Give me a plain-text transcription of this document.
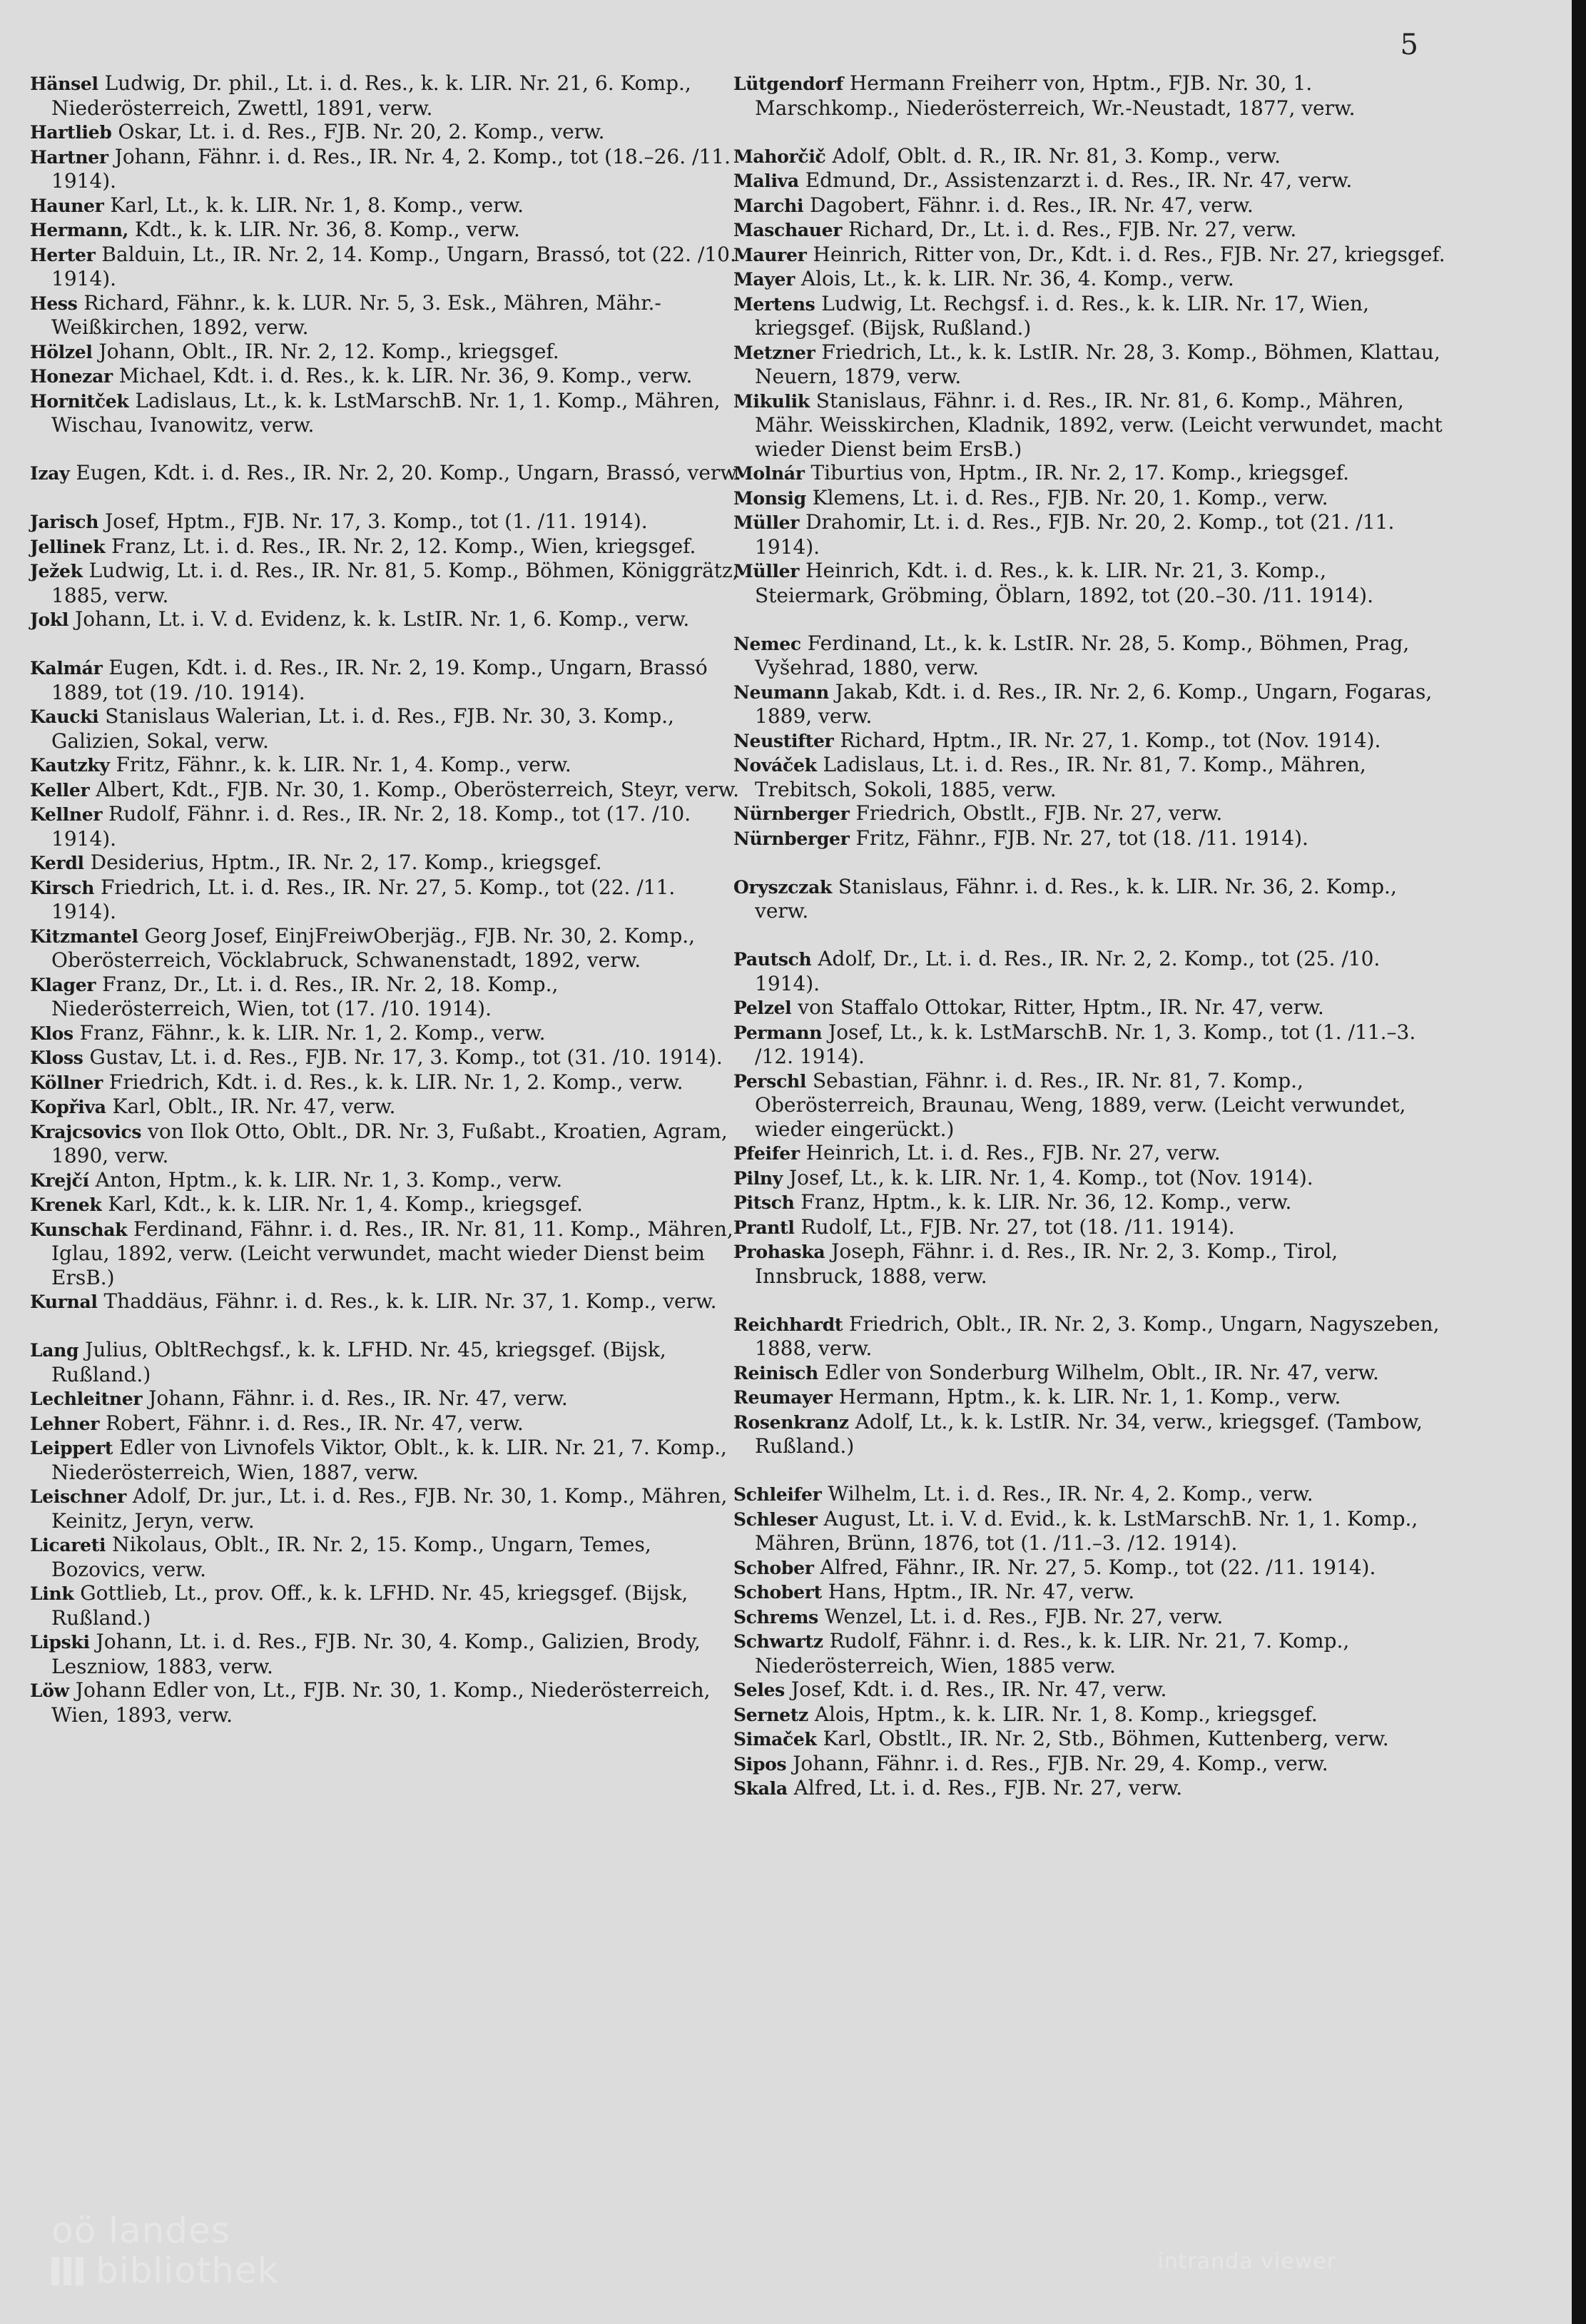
5

Hänsel Ludwig, Dr. phil., Lt. i. d. Res., k. k. LIR. Nr. 21, 6. Komp., Niederösterreich, Zwettl, 1891, verw.

Hartlieb Oskar, Lt. i. d. Res., FJB. Nr. 20, 2. Komp., verw.

Hartner Johann, Fähnr. i. d. Res., IR. Nr. 4, 2. Komp., tot (18.–26. /11. 1914).

Hauner Karl, Lt., k. k. LIR. Nr. 1, 8. Komp., verw.

Hermann, Kdt., k. k. LIR. Nr. 36, 8. Komp., verw.

Herter Balduin, Lt., IR. Nr. 2, 14. Komp., Ungarn, Brassó, tot (22. /10. 1914).

Hess Richard, Fähnr., k. k. LUR. Nr. 5, 3. Esk., Mähren, Mähr.-Weißkirchen, 1892, verw.

Hölzel Johann, Oblt., IR. Nr. 2, 12. Komp., kriegsgef.

Honezar Michael, Kdt. i. d. Res., k. k. LIR. Nr. 36, 9. Komp., verw.

Hornitček Ladislaus, Lt., k. k. LstMarschB. Nr. 1, 1. Komp., Mähren, Wischau, Ivanowitz, verw.

Izay Eugen, Kdt. i. d. Res., IR. Nr. 2, 20. Komp., Ungarn, Brassó, verw.

Jarisch Josef, Hptm., FJB. Nr. 17, 3. Komp., tot (1. /11. 1914).

Jellinek Franz, Lt. i. d. Res., IR. Nr. 2, 12. Komp., Wien, kriegsgef.

Ježek Ludwig, Lt. i. d. Res., IR. Nr. 81, 5. Komp., Böhmen, Königgrätz, 1885, verw.

Jokl Johann, Lt. i. V. d. Evidenz, k. k. LstIR. Nr. 1, 6. Komp., verw.

Kalmár Eugen, Kdt. i. d. Res., IR. Nr. 2, 19. Komp., Ungarn, Brassó 1889, tot (19. /10. 1914).

Kaucki Stanislaus Walerian, Lt. i. d. Res., FJB. Nr. 30, 3. Komp., Galizien, Sokal, verw.

Kautzky Fritz, Fähnr., k. k. LIR. Nr. 1, 4. Komp., verw.

Keller Albert, Kdt., FJB. Nr. 30, 1. Komp., Oberösterreich, Steyr, verw.

Kellner Rudolf, Fähnr. i. d. Res., IR. Nr. 2, 18. Komp., tot (17. /10. 1914).

Kerdl Desiderius, Hptm., IR. Nr. 2, 17. Komp., kriegsgef.

Kirsch Friedrich, Lt. i. d. Res., IR. Nr. 27, 5. Komp., tot (22. /11. 1914).

Kitzmantel Georg Josef, EinjFreiwOberjäg., FJB. Nr. 30, 2. Komp., Oberösterreich, Vöcklabruck, Schwanenstadt, 1892, verw.

Klager Franz, Dr., Lt. i. d. Res., IR. Nr. 2, 18. Komp., Niederösterreich, Wien, tot (17. /10. 1914).

Klos Franz, Fähnr., k. k. LIR. Nr. 1, 2. Komp., verw.

Kloss Gustav, Lt. i. d. Res., FJB. Nr. 17, 3. Komp., tot (31. /10. 1914).

Köllner Friedrich, Kdt. i. d. Res., k. k. LIR. Nr. 1, 2. Komp., verw.

Kopřiva Karl, Oblt., IR. Nr. 47, verw.

Krajcsovics von Ilok Otto, Oblt., DR. Nr. 3, Fußabt., Kroatien, Agram, 1890, verw.

Krejčí Anton, Hptm., k. k. LIR. Nr. 1, 3. Komp., verw.

Krenek Karl, Kdt., k. k. LIR. Nr. 1, 4. Komp., kriegsgef.

Kunschak Ferdinand, Fähnr. i. d. Res., IR. Nr. 81, 11. Komp., Mähren, Iglau, 1892, verw. (Leicht verwundet, macht wieder Dienst beim ErsB.)

Kurnal Thaddäus, Fähnr. i. d. Res., k. k. LIR. Nr. 37, 1. Komp., verw.

Lang Julius, ObltRechgsf., k. k. LFHD. Nr. 45, kriegsgef. (Bijsk, Rußland.)

Lechleitner Johann, Fähnr. i. d. Res., IR. Nr. 47, verw.

Lehner Robert, Fähnr. i. d. Res., IR. Nr. 47, verw.

Leippert Edler von Livnofels Viktor, Oblt., k. k. LIR. Nr. 21, 7. Komp., Niederösterreich, Wien, 1887, verw.

Leischner Adolf, Dr. jur., Lt. i. d. Res., FJB. Nr. 30, 1. Komp., Mähren, Keinitz, Jeryn, verw.

Licareti Nikolaus, Oblt., IR. Nr. 2, 15. Komp., Ungarn, Temes, Bozovics, verw.

Link Gottlieb, Lt., prov. Off., k. k. LFHD. Nr. 45, kriegsgef. (Bijsk, Rußland.)

Lipski Johann, Lt. i. d. Res., FJB. Nr. 30, 4. Komp., Galizien, Brody, Leszniow, 1883, verw.

Löw Johann Edler von, Lt., FJB. Nr. 30, 1. Komp., Niederösterreich, Wien, 1893, verw.

Lütgendorf Hermann Freiherr von, Hptm., FJB. Nr. 30, 1. Marschkomp., Niederösterreich, Wr.-Neustadt, 1877, verw.

Mahorčič Adolf, Oblt. d. R., IR. Nr. 81, 3. Komp., verw.

Maliva Edmund, Dr., Assistenzarzt i. d. Res., IR. Nr. 47, verw.

Marchi Dagobert, Fähnr. i. d. Res., IR. Nr. 47, verw.

Maschauer Richard, Dr., Lt. i. d. Res., FJB. Nr. 27, verw.

Maurer Heinrich, Ritter von, Dr., Kdt. i. d. Res., FJB. Nr. 27, kriegsgef.

Mayer Alois, Lt., k. k. LIR. Nr. 36, 4. Komp., verw.

Mertens Ludwig, Lt. Rechgsf. i. d. Res., k. k. LIR. Nr. 17, Wien, kriegsgef. (Bijsk, Rußland.)

Metzner Friedrich, Lt., k. k. LstIR. Nr. 28, 3. Komp., Böhmen, Klattau, Neuern, 1879, verw.

Mikulik Stanislaus, Fähnr. i. d. Res., IR. Nr. 81, 6. Komp., Mähren, Mähr. Weisskirchen, Kladnik, 1892, verw. (Leicht verwundet, macht wieder Dienst beim ErsB.)

Molnár Tiburtius von, Hptm., IR. Nr. 2, 17. Komp., kriegsgef.

Monsig Klemens, Lt. i. d. Res., FJB. Nr. 20, 1. Komp., verw.

Müller Drahomir, Lt. i. d. Res., FJB. Nr. 20, 2. Komp., tot (21. /11. 1914).

Müller Heinrich, Kdt. i. d. Res., k. k. LIR. Nr. 21, 3. Komp., Steiermark, Gröbming, Öblarn, 1892, tot (20.–30. /11. 1914).

Nemec Ferdinand, Lt., k. k. LstIR. Nr. 28, 5. Komp., Böhmen, Prag, Vyšehrad, 1880, verw.

Neumann Jakab, Kdt. i. d. Res., IR. Nr. 2, 6. Komp., Ungarn, Fogaras, 1889, verw.

Neustifter Richard, Hptm., IR. Nr. 27, 1. Komp., tot (Nov. 1914).

Nováček Ladislaus, Lt. i. d. Res., IR. Nr. 81, 7. Komp., Mähren, Trebitsch, Sokoli, 1885, verw.

Nürnberger Friedrich, Obstlt., FJB. Nr. 27, verw.

Nürnberger Fritz, Fähnr., FJB. Nr. 27, tot (18. /11. 1914).

Oryszczak Stanislaus, Fähnr. i. d. Res., k. k. LIR. Nr. 36, 2. Komp., verw.

Pautsch Adolf, Dr., Lt. i. d. Res., IR. Nr. 2, 2. Komp., tot (25. /10. 1914).

Pelzel von Staffalo Ottokar, Ritter, Hptm., IR. Nr. 47, verw.

Permann Josef, Lt., k. k. LstMarschB. Nr. 1, 3. Komp., tot (1. /11.–3. /12. 1914).

Perschl Sebastian, Fähnr. i. d. Res., IR. Nr. 81, 7. Komp., Oberösterreich, Braunau, Weng, 1889, verw. (Leicht verwundet, wieder eingerückt.)

Pfeifer Heinrich, Lt. i. d. Res., FJB. Nr. 27, verw.

Pilny Josef, Lt., k. k. LIR. Nr. 1, 4. Komp., tot (Nov. 1914).

Pitsch Franz, Hptm., k. k. LIR. Nr. 36, 12. Komp., verw.

Prantl Rudolf, Lt., FJB. Nr. 27, tot (18. /11. 1914).

Prohaska Joseph, Fähnr. i. d. Res., IR. Nr. 2, 3. Komp., Tirol, Innsbruck, 1888, verw.

Reichhardt Friedrich, Oblt., IR. Nr. 2, 3. Komp., Ungarn, Nagyszeben, 1888, verw.

Reinisch Edler von Sonderburg Wilhelm, Oblt., IR. Nr. 47, verw.

Reumayer Hermann, Hptm., k. k. LIR. Nr. 1, 1. Komp., verw.

Rosenkranz Adolf, Lt., k. k. LstIR. Nr. 34, verw., kriegsgef. (Tambow, Rußland.)

Schleifer Wilhelm, Lt. i. d. Res., IR. Nr. 4, 2. Komp., verw.

Schleser August, Lt. i. V. d. Evid., k. k. LstMarschB. Nr. 1, 1. Komp., Mähren, Brünn, 1876, tot (1. /11.–3. /12. 1914).

Schober Alfred, Fähnr., IR. Nr. 27, 5. Komp., tot (22. /11. 1914).

Schobert Hans, Hptm., IR. Nr. 47, verw.

Schrems Wenzel, Lt. i. d. Res., FJB. Nr. 27, verw.

Schwartz Rudolf, Fähnr. i. d. Res., k. k. LIR. Nr. 21, 7. Komp., Niederösterreich, Wien, 1885 verw.

Seles Josef, Kdt. i. d. Res., IR. Nr. 47, verw.

Sernetz Alois, Hptm., k. k. LIR. Nr. 1, 8. Komp., kriegsgef.

Simaček Karl, Obstlt., IR. Nr. 2, Stb., Böhmen, Kuttenberg, verw.

Sipos Johann, Fähnr. i. d. Res., FJB. Nr. 29, 4. Komp., verw.

Skala Alfred, Lt. i. d. Res., FJB. Nr. 27, verw.

oö landes
bibliothek	intranda viewer
